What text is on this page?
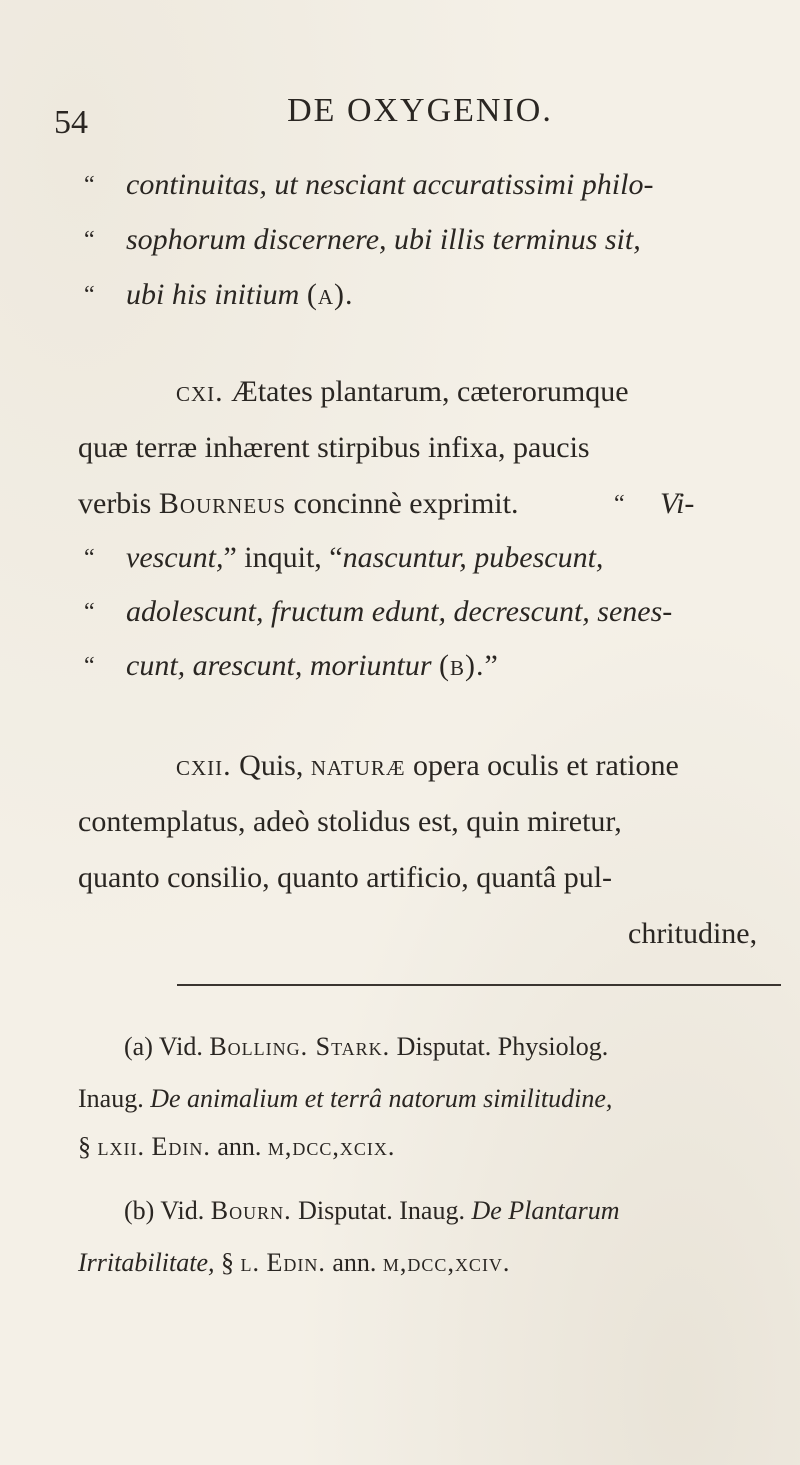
54	DE OXYGENIO.
“ continuitas, ut nesciant accuratissimi philo-
“ sophorum discernere, ubi illis terminus sit,
“ ubi his initium (a).
cxi. Ætates plantarum, cæterorumque
quæ terræ inhærent stirpibus infixa, paucis
verbis Bourneus concinnè exprimit.	“ Vi-
“ vescunt,” inquit, “nascuntur, pubescunt,
“ adolescunt, fructum edunt, decrescunt, senes-
“ cunt, arescunt, moriuntur (b).”
cxii. Quis, naturæ opera oculis et ratione
contemplatus, adeò stolidus est, quin miretur,
quanto consilio, quanto artificio, quantâ pul-
chritudine,
(a) Vid. Bolling. Stark. Disputat. Physiolog.
Inaug. De animalium et terrâ natorum similitudine,
§ lxii. Edin. ann. m,dcc,xcix.
(b) Vid. Bourn. Disputat. Inaug. De Plantarum
Irritabilitate, § l. Edin. ann. m,dcc,xciv.
